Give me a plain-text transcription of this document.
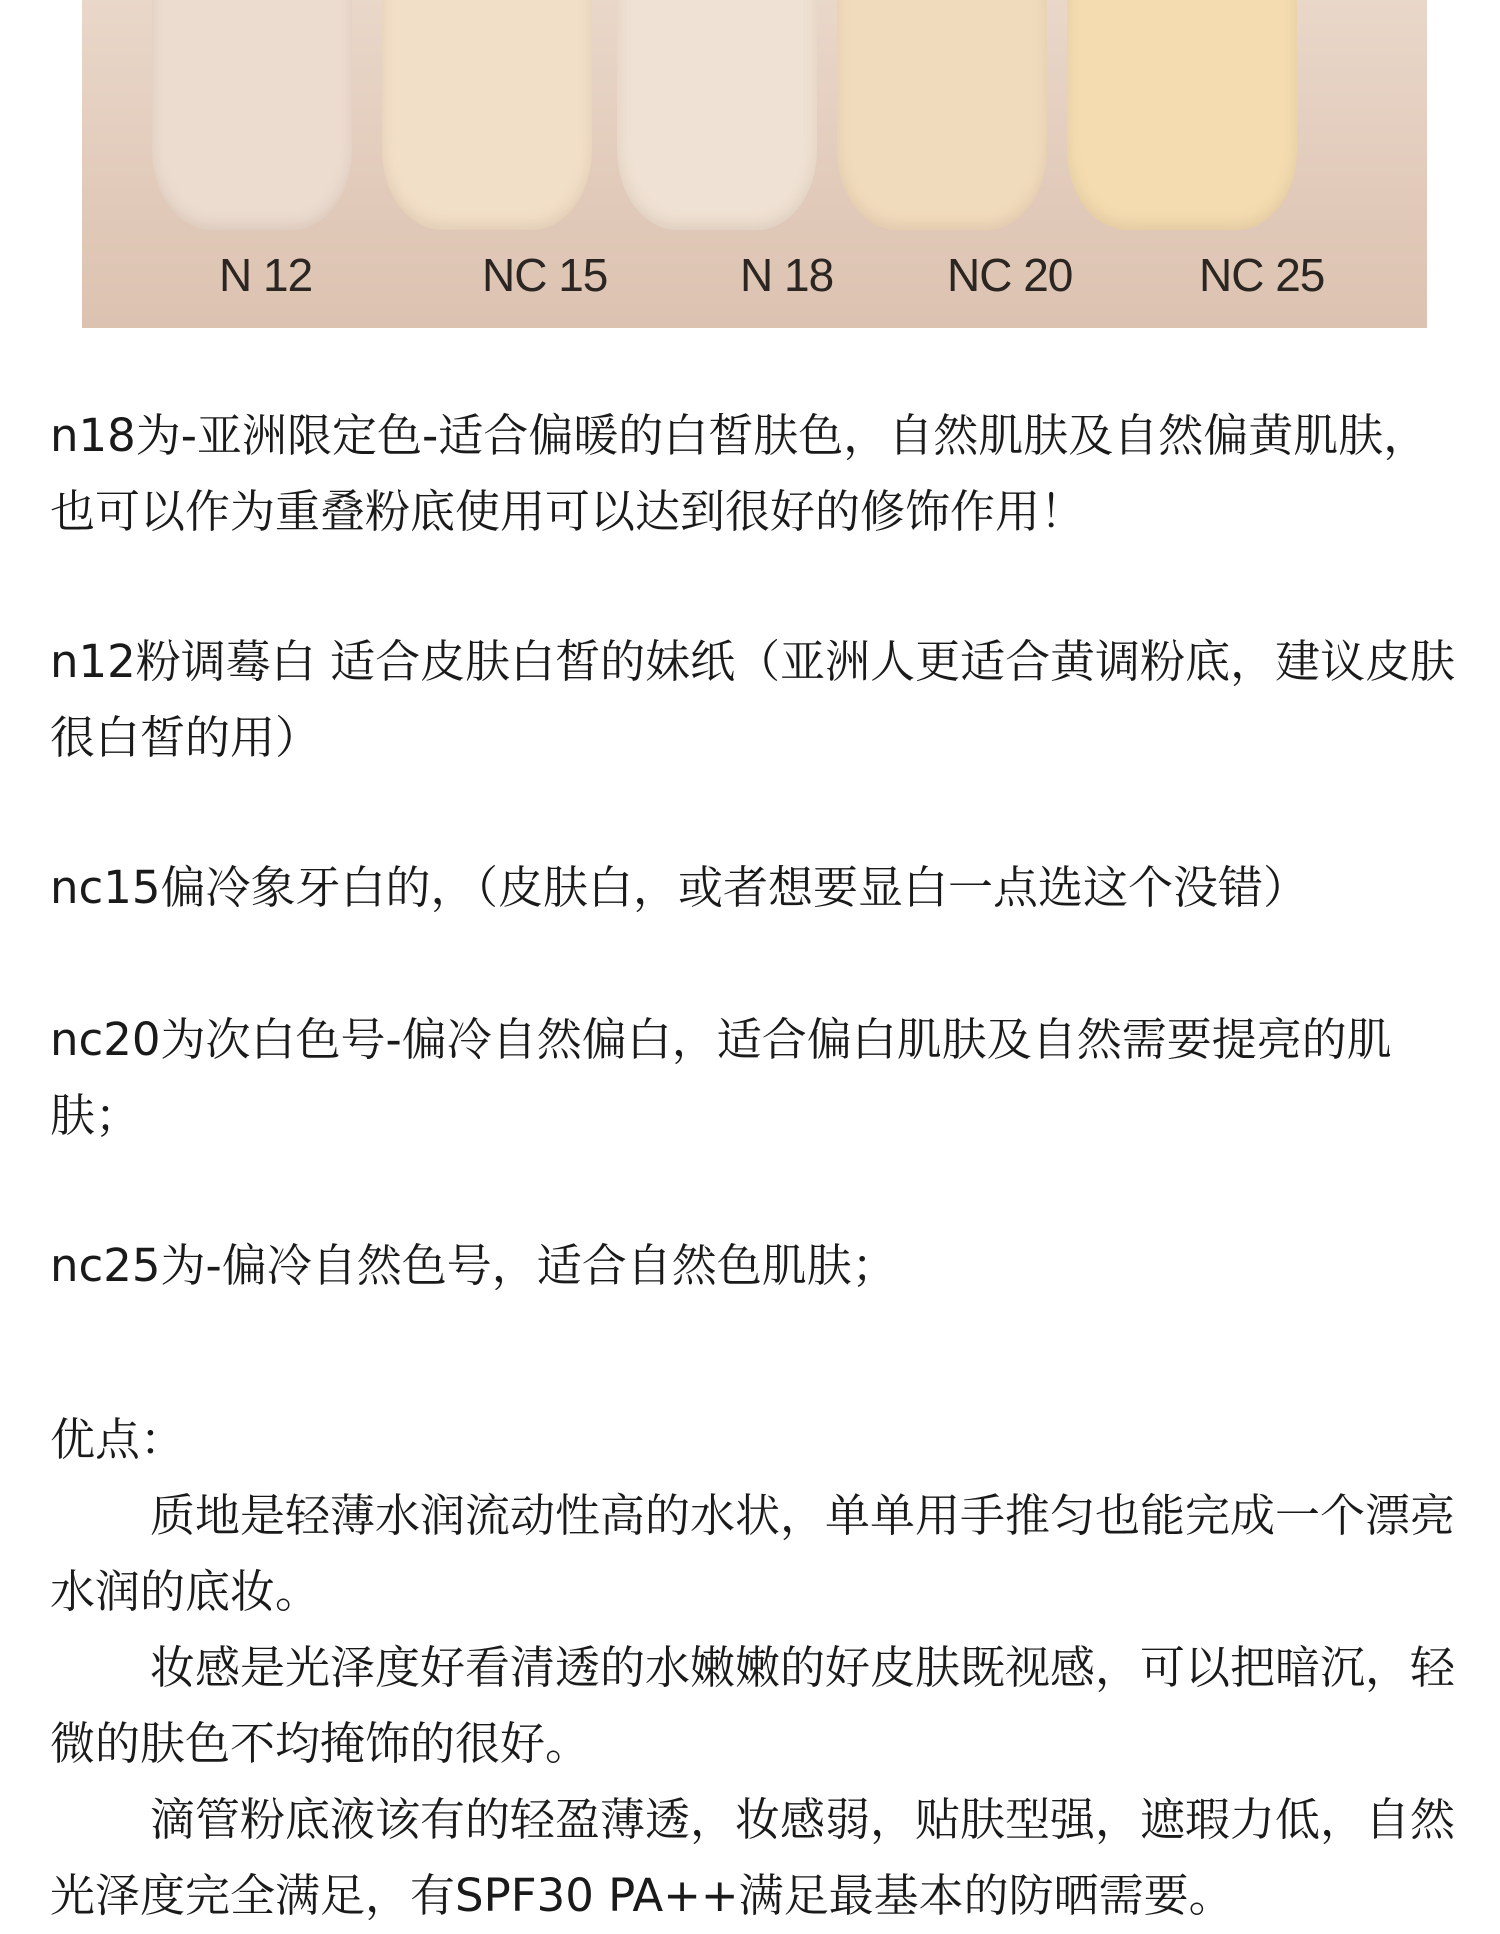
N 12	NC 15	N 18 NC 20	NC 25

n18为-亚洲限定色-适合偏暖的白皙肤色，自然肌肤及自然偏黄肌肤，也可以作为重叠粉底使用可以达到很好的修饰作用！

n12粉调蓦白 适合皮肤白皙的妹纸（亚洲人更适合黄调粉底，建议皮肤很白皙的用）

nc15偏冷象牙白的，（皮肤白，或者想要显白一点选这个没错）

nc20为次白色号-偏冷自然偏白，适合偏白肌肤及自然需要提亮的肌肤；

nc25为-偏冷自然色号，适合自然色肌肤；

优点：

质地是轻薄水润流动性高的水状，单单用手推匀也能完成一个漂亮水润的底妆。

妆感是光泽度好看清透的水嫩嫩的好皮肤既视感，可以把暗沉，轻微的肤色不均掩饰的很好。

滴管粉底液该有的轻盈薄透，妆感弱，贴肤型强，遮瑕力低，自然光泽度完全满足，有SPF30 PA++满足最基本的防晒需要。
